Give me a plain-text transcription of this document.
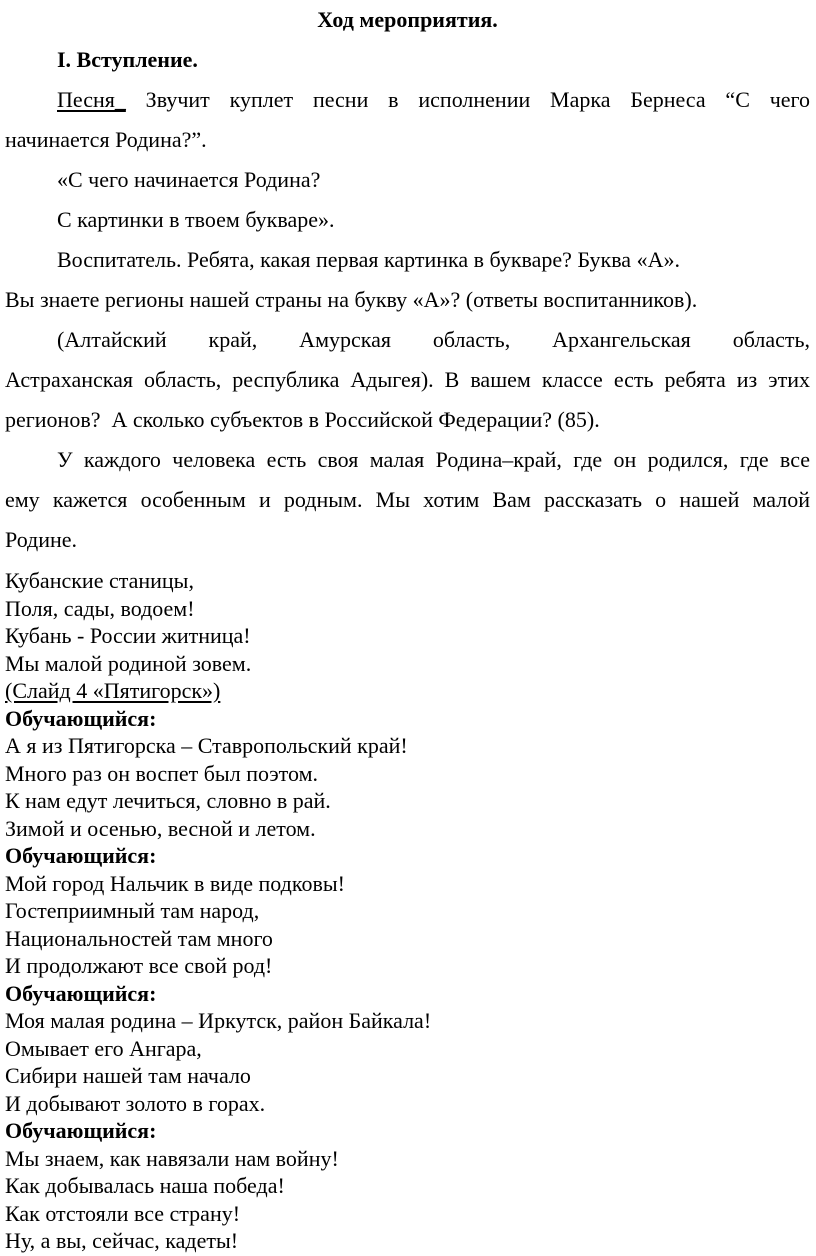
Ход мероприятия.
I. Вступление.
Песня_ Звучит куплет песни в исполнении Марка Бернеса “С чего
начинается Родина?”.
«С чего начинается Родина?
С картинки в твоем букваре».
Воспитатель. Ребята, какая первая картинка в букваре? Буква «А».
Вы знаете регионы нашей страны на букву «А»? (ответы воспитанников).
(Алтайский край, Амурская область, Архангельская область,
Астраханская область, республика Адыгея). В вашем классе есть ребята из этих
регионов?  А сколько субъектов в Российской Федерации? (85).
У каждого человека есть своя малая Родина–край, где он родился, где все
ему кажется особенным и родным. Мы хотим Вам рассказать о нашей малой
Родине.
Кубанские станицы,
Поля, сады, водоем!
Кубань - России житница!
Мы малой родиной зовем.
(Слайд 4 «Пятигорск»)
Обучающийся:
А я из Пятигорска – Ставропольский край!
Много раз он воспет был поэтом.
К нам едут лечиться, словно в рай.
Зимой и осенью, весной и летом.
Обучающийся:
Мой город Нальчик в виде подковы!
Гостеприимный там народ,
Национальностей там много
И продолжают все свой род!
Обучающийся:
Моя малая родина – Иркутск, район Байкала!
Омывает его Ангара,
Сибири нашей там начало
И добывают золото в горах.
Обучающийся:
Мы знаем, как навязали нам войну!
Как добывалась наша победа!
Как отстояли все страну!
Ну, а вы, сейчас, кадеты!
